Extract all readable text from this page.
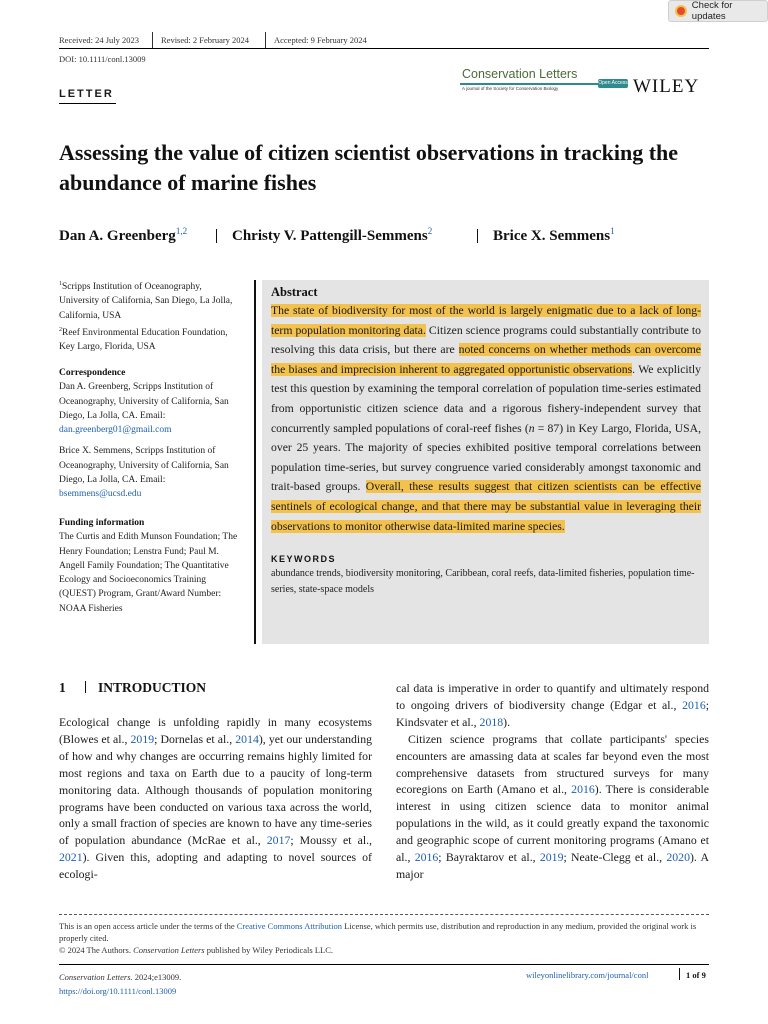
Check for updates
Received: 24 July 2023	Revised: 2 February 2024	Accepted: 9 February 2024
DOI: 10.1111/conl.13009
LETTER
Conservation Letters
A journal of the Society for Conservation Biology
Open Access WILEY
Assessing the value of citizen scientist observations in tracking the abundance of marine fishes
Dan A. Greenberg$^{1,2}$	Christy V. Pattengill-Semmens$^2$	Brice X. Semmens$^1$
$^1$Scripps Institution of Oceanography, University of California, San Diego, La Jolla, California, USA
$^2$Reef Environmental Education Foundation, Key Largo, Florida, USA
Correspondence
Dan A. Greenberg, Scripps Institution of Oceanography, University of California, San Diego, La Jolla, CA. Email:
dan.greenberg01@gmail.com
Brice X. Semmens, Scripps Institution of Oceanography, University of California, San Diego, La Jolla, CA. Email:
bsemmens@ucsd.edu
Funding information
The Curtis and Edith Munson Foundation; The Henry Foundation; Lenstra Fund; Paul M. Angell Family Foundation; The Quantitative Ecology and Socioeconomics Training (QUEST) Program, Grant/Award Number: NOAA Fisheries
Abstract
The state of biodiversity for most of the world is largely enigmatic due to a lack of long-term population monitoring data. Citizen science programs could substantially contribute to resolving this data crisis, but there are noted concerns on whether methods can overcome the biases and imprecision inherent to aggregated opportunistic observations. We explicitly test this question by examining the temporal correlation of population time-series estimated from opportunistic citizen science data and a rigorous fishery-independent survey that concurrently sampled populations of coral-reef fishes (n = 87) in Key Largo, Florida, USA, over 25 years. The majority of species exhibited positive temporal correlations between population time-series, but survey congruence varied considerably amongst taxonomic and trait-based groups. Overall, these results suggest that citizen scientists can be effective sentinels of ecological change, and that there may be substantial value in leveraging their observations to monitor otherwise data-limited marine species.
KEYWORDS
abundance trends, biodiversity monitoring, Caribbean, coral reefs, data-limited fisheries, population time-series, state-space models
1 INTRODUCTION

Ecological change is unfolding rapidly in many ecosystems (Blowes et al., 2019; Dornelas et al., 2014), yet our understanding of how and why changes are occurring remains highly limited for most regions and taxa on Earth due to a paucity of long-term monitoring data. Although thousands of population monitoring programs have been conducted on various taxa across the world, only a small fraction of species are known to have any time-series of population abundance (McRae et al., 2017; Moussy et al., 2021). Given this, adopting and adapting to novel sources of ecologi-

cal data is imperative in order to quantify and ultimately respond to ongoing drivers of biodiversity change (Edgar et al., 2016; Kindsvater et al., 2018).

Citizen science programs that collate participants' species encounters are amassing data at scales far beyond even the most comprehensive datasets from structured surveys for many ecoregions on Earth (Amano et al., 2016). There is considerable interest in using citizen science data to monitor animal populations in the wild, as it could greatly expand the taxonomic and geographic scope of current monitoring programs (Amano et al., 2016; Bayraktarov et al., 2019; Neate-Clegg et al., 2020). A major

This is an open access article under the terms of the Creative Commons Attribution License, which permits use, distribution and reproduction in any medium, provided the original work is properly cited.
© 2024 The Authors. Conservation Letters published by Wiley Periodicals LLC.
Conservation Letters. 2024;e13009.
https://doi.org/10.1111/conl.13009
wileyonlinelibrary.com/journal/conl	1 of 9
